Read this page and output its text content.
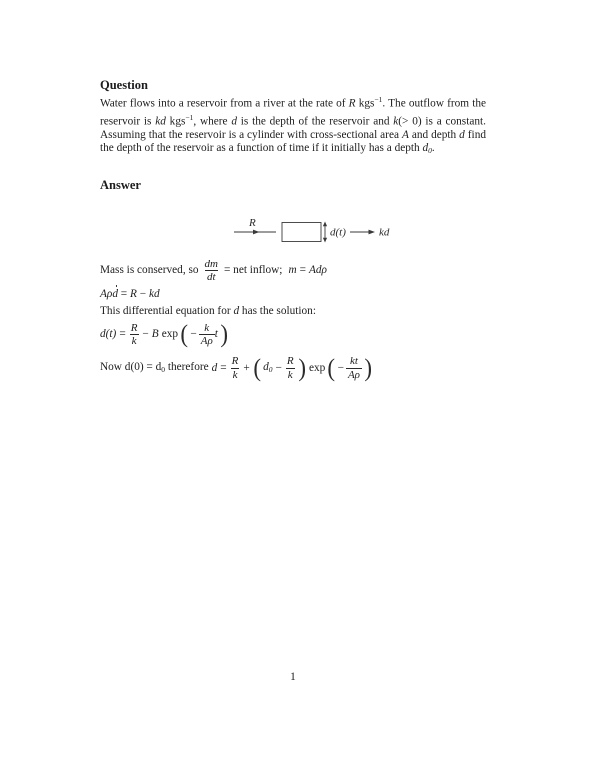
Question

Water flows into a reservoir from a river at the rate of R kgs$^{-1}$. The outflow from the reservoir is kd kgs$^{-1}$, where d is the depth of the reservoir and k(> 0) is a constant. Assuming that the reservoir is a cylinder with cross-sectional area A and depth d find the depth of the reservoir as a function of time if it initially has a depth $d_0$.

Answer
R
d(t)	kd
Mass is conserved, so $\frac{dm}{dt}$ = net inflow; m = Adρ

Aρd = R − kd

This differential equation for d has the solution:

$d(t) = \frac{R}{k} - B$ exp ( − $\frac{k}{A\rho}$ t )
Now $d(0) = d_0$ therefore $d = \frac{R}{k}$ + ( $d_0 - \frac{R}{k}$ ) exp ( − $\frac{kt}{A\rho}$ )
1
